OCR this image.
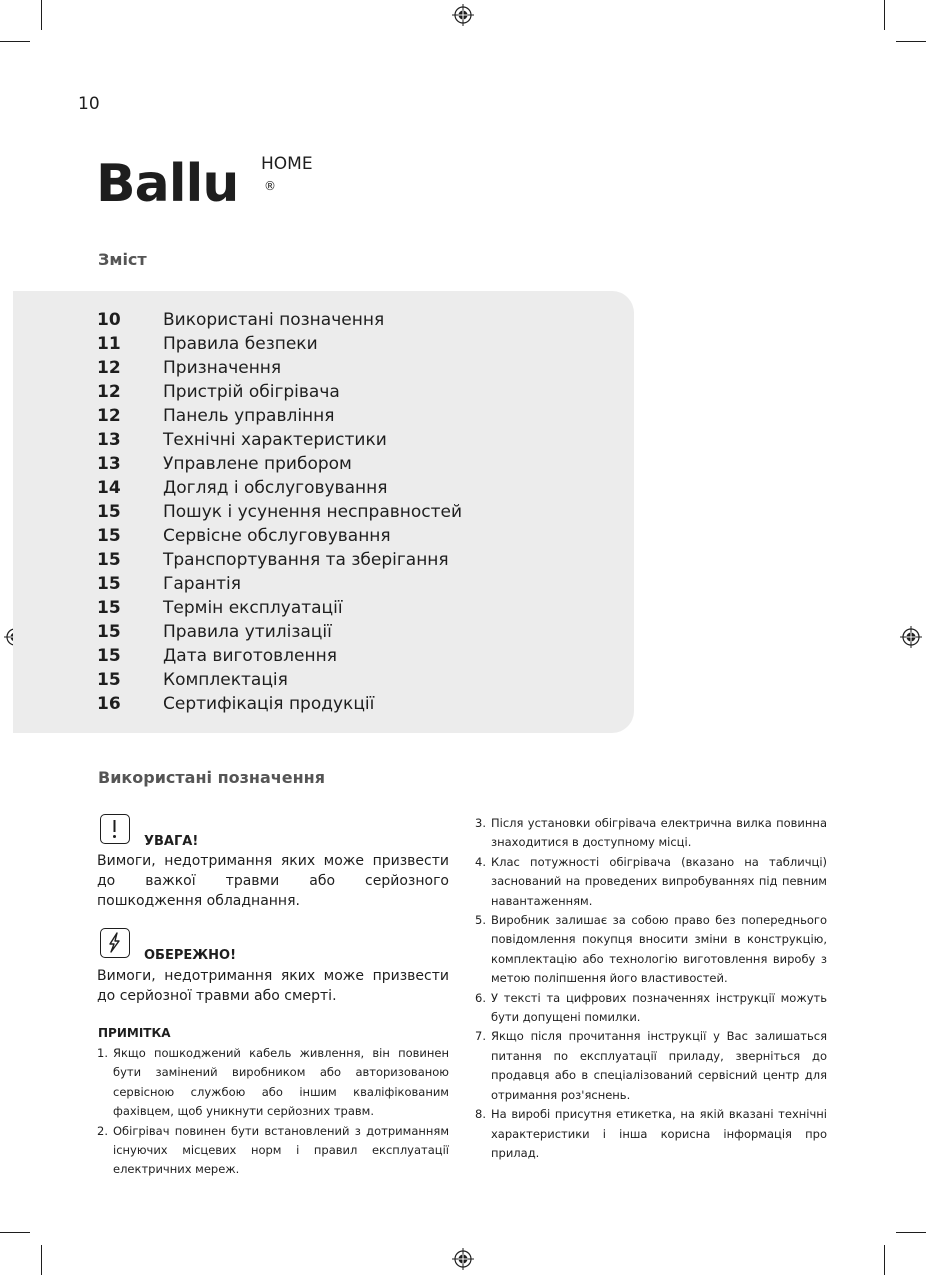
10
Ballu HOME
®
Зміст
10	Використані позначення
11	Правила безпеки
12	Призначення
12	Пристрій обігрівача
12	Панель управління
13	Технічні характеристики
13	Управлене прибором
14	Догляд і обслуговування
15	Пошук і усунення несправностей
15	Сервісне обслуговування
15	Транспортування та зберігання
15	Гарантія
15	Термін експлуатації
15	Правила утилізації
15	Дата виготовлення
15	Комплектація
16	Сертифікація продукції
Використані позначення
УВАГА!
Вимоги, недотримання яких може призвести до важкої травми або серйозного пошкодження обладнання.
ОБЕРЕЖНО!
Вимоги, недотримання яких може призвести до серйозної травми або смерті.
ПРИМІТКА
1. Якщо пошкоджений кабель живлення, він повинен бути замінений виробником або авторизованою сервісною службою або іншим кваліфікованим фахівцем, щоб уникнути серйозних травм.
2. Обігрівач повинен бути встановлений з дотриманням існуючих місцевих норм і правил експлуатації електричних мереж.
3. Після установки обігрівача електрична вилка повинна знаходитися в доступному місці.
4. Клас потужності обігрівача (вказано на табличці) заснований на проведених випробуваннях під певним навантаженням.
5. Виробник залишає за собою право без попереднього повідомлення покупця вносити зміни в конструкцію, комплектацію або технологію виготовлення виробу з метою поліпшення його властивостей.
6. У тексті та цифрових позначеннях інструкції можуть бути допущені помилки.
7. Якщо після прочитання інструкції у Вас залишаться питання по експлуатації приладу, зверніться до продавця або в спеціалізований сервісний центр для отримання роз'яснень.
8. На виробі присутня етикетка, на якій вказані технічні характеристики і інша корисна інформація про прилад.
